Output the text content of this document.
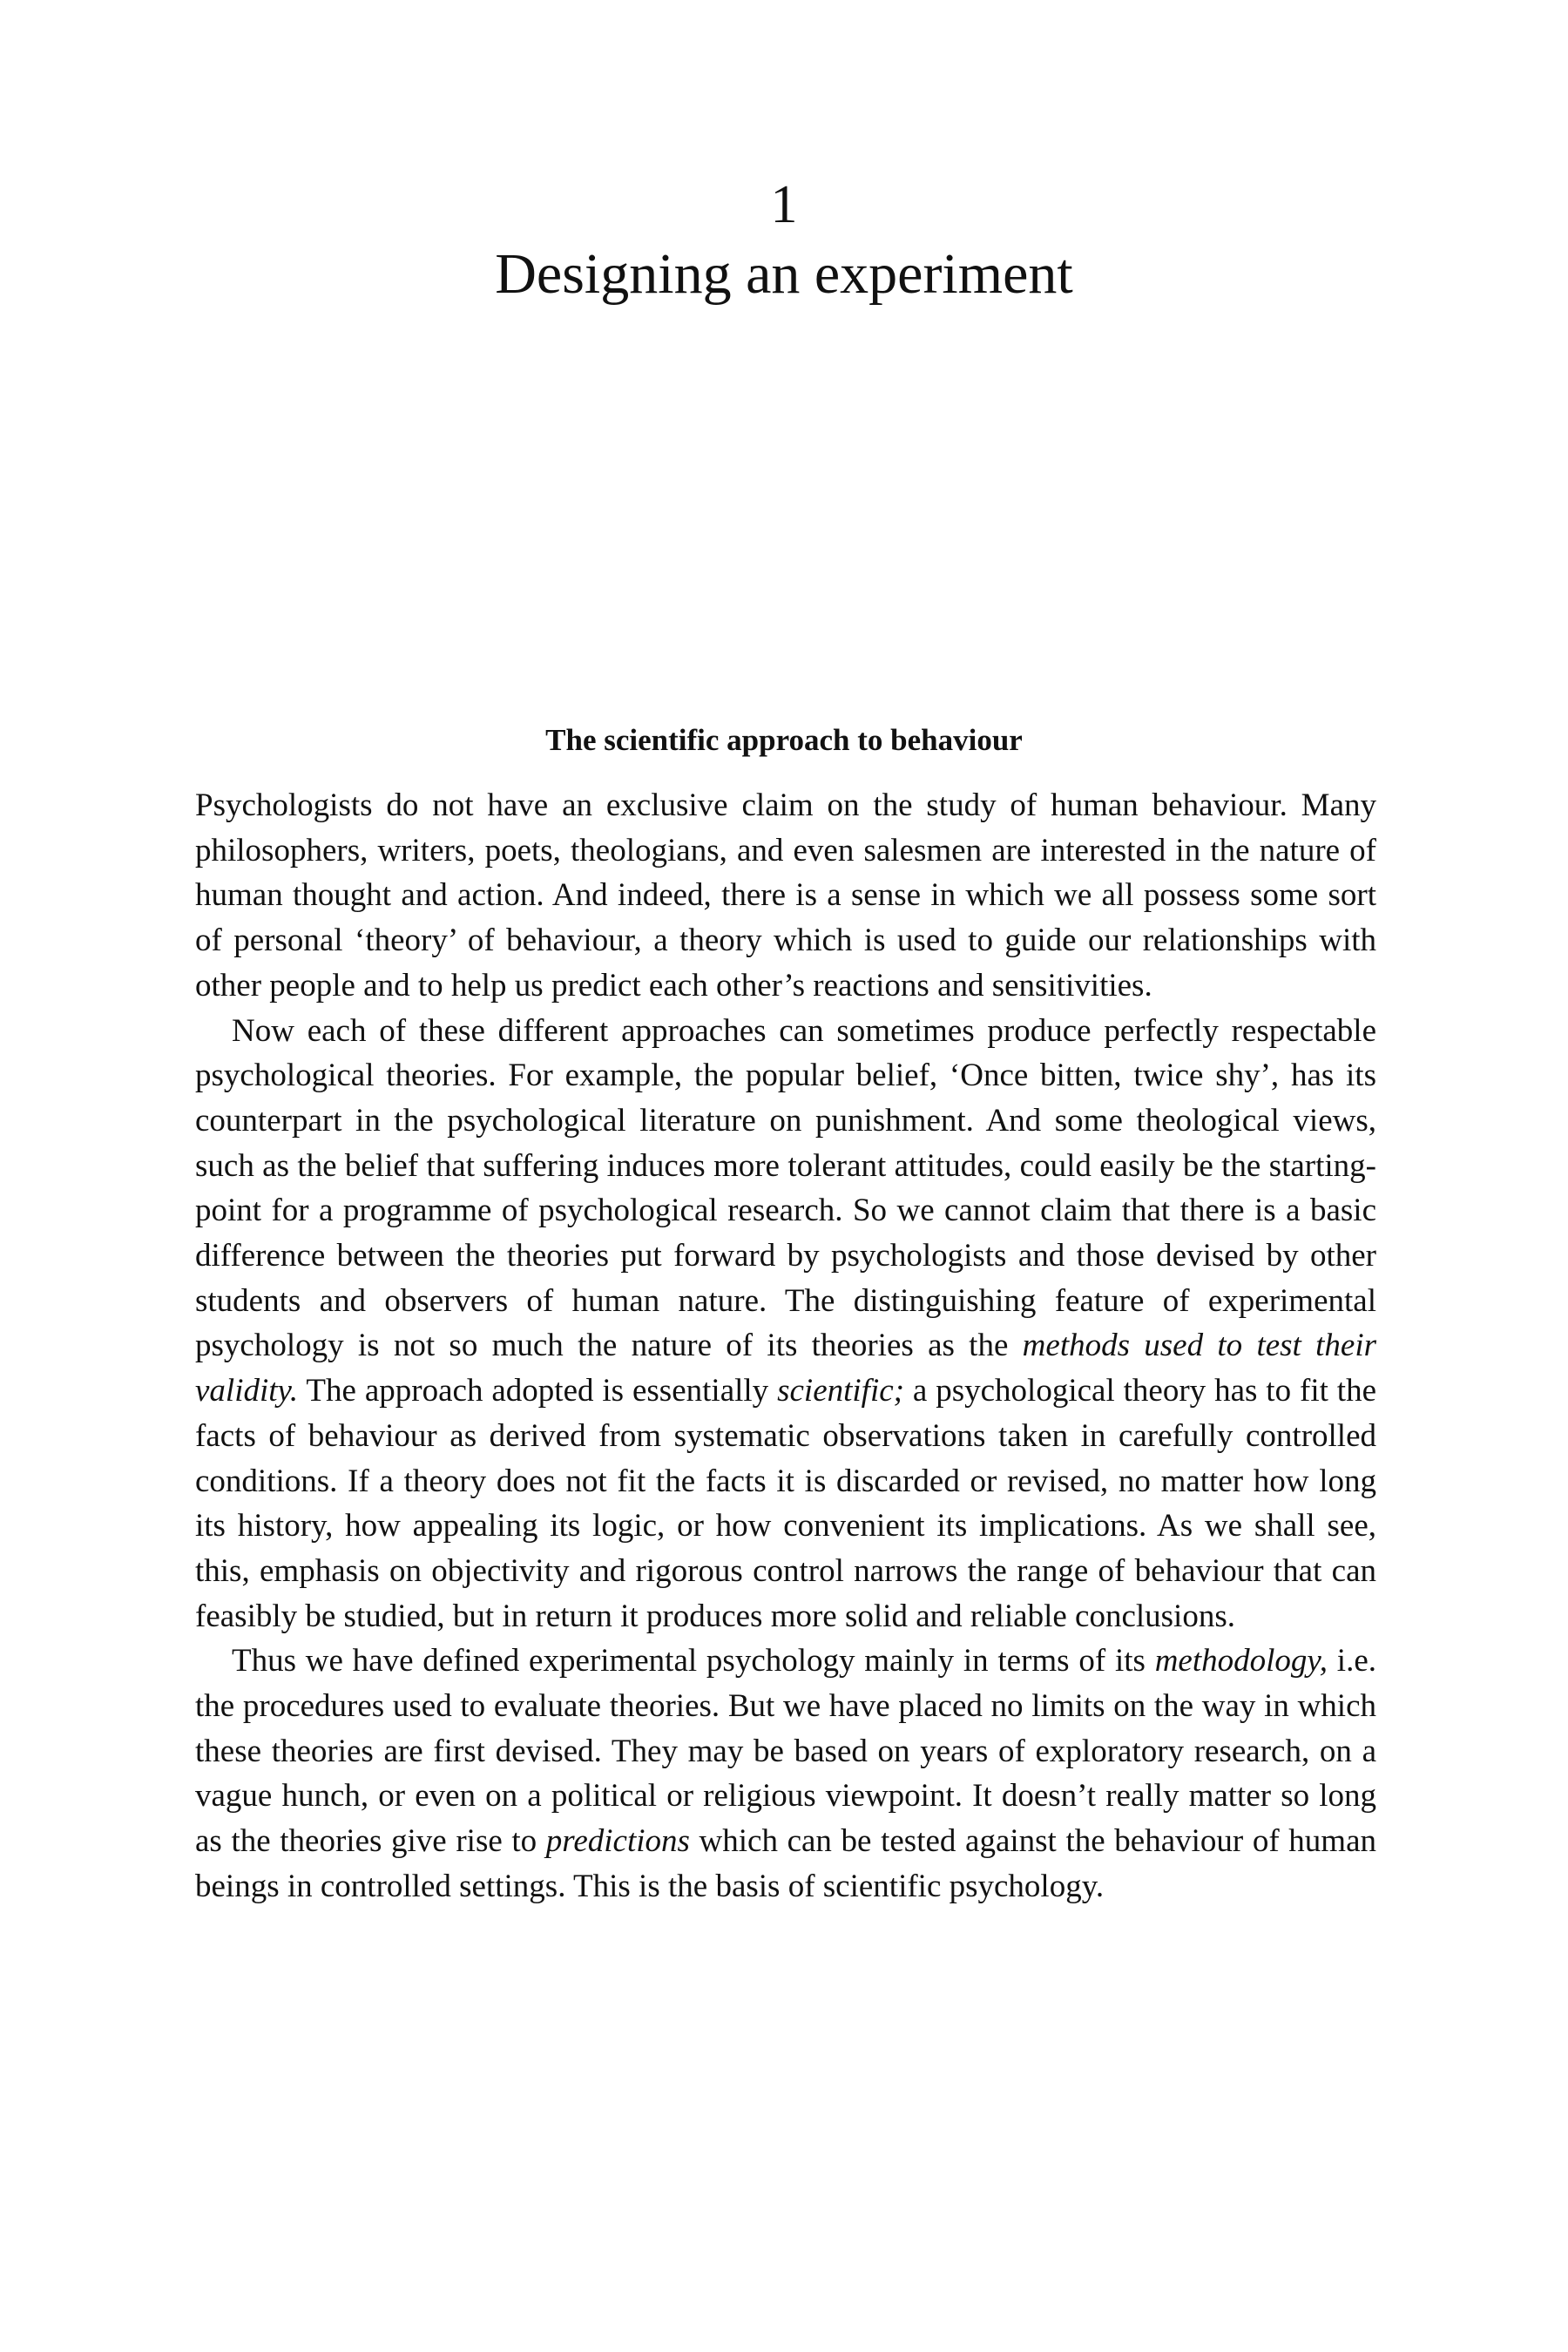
1
Designing an experiment
The scientific approach to behaviour

Psychologists do not have an exclusive claim on the study of human behaviour. Many philosophers, writers, poets, theologians, and even salesmen are interested in the nature of human thought and action. And indeed, there is a sense in which we all possess some sort of personal ‘theory’ of behaviour, a theory which is used to guide our relationships with other people and to help us predict each other’s reactions and sensitivities.

Now each of these different approaches can sometimes produce perfectly respectable psychological theories. For example, the popular belief, ‘Once bitten, twice shy’, has its counterpart in the psychological literature on punishment. And some theological views, such as the belief that suffering induces more tolerant attitudes, could easily be the starting-point for a programme of psychological research. So we cannot claim that there is a basic difference between the theories put forward by psychologists and those devised by other students and observers of human nature. The distinguishing feature of experimental psychology is not so much the nature of its theories as the methods used to test their validity. The approach adopted is essentially scientific; a psychological theory has to fit the facts of behaviour as derived from systematic observations taken in carefully controlled conditions. If a theory does not fit the facts it is discarded or revised, no matter how long its history, how appealing its logic, or how convenient its implications. As we shall see, this, emphasis on objectivity and rigorous control narrows the range of behaviour that can feasibly be studied, but in return it produces more solid and reliable conclusions.

Thus we have defined experimental psychology mainly in terms of its methodology, i.e. the procedures used to evaluate theories. But we have placed no limits on the way in which these theories are first devised. They may be based on years of exploratory research, on a vague hunch, or even on a political or religious viewpoint. It doesn’t really matter so long as the theories give rise to predictions which can be tested against the behaviour of human beings in controlled settings. This is the basis of scientific psychology.
